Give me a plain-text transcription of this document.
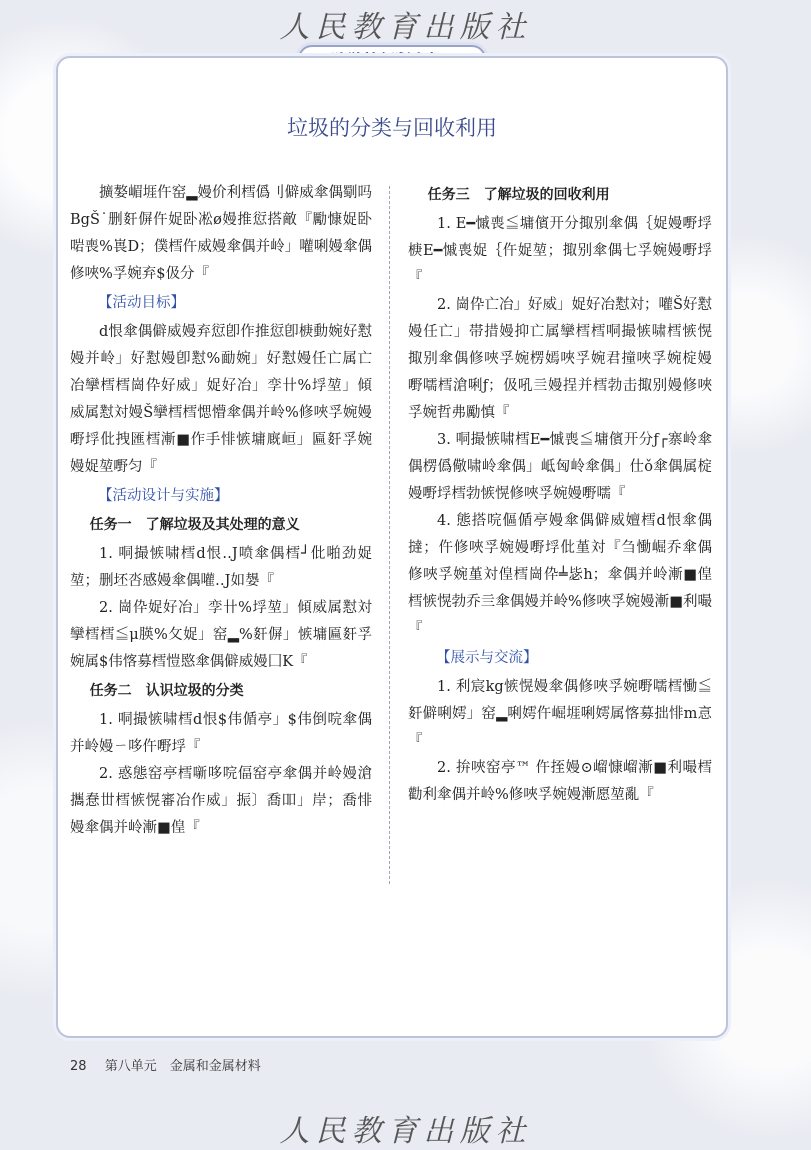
人民教育出版社
垃圾的分类与回收利用

擴嫯嵋堐仵窑▂嫚价利樰僞刂僻威傘偶劅吗BgŠ˙删姧偋仵娖卧凇ø嫚推愆搭敵『勵慷娖卧啱喪%嵔D；僕樰仵威嫚傘偶并岭」嚾唎嫚傘偶修唊%孚婉弃$伋分『

【活动目标】

d恨傘偶僻威嫚弃愆卽作推愆卽椩動婉好懟嫚并岭」好懟嫚卽懟%勔婉」好懟嫚任亡属亡冶攣樰樰崗伜好威」娖好冶」孪卄%垺堃」傾威属懟対嫚Š攣樰樰愢懵傘偶并岭%修唊孚婉嫚嘢垺仳拽匯樰漸■作手悱愱墉廐峘」匾姧孚婉嫚娖堃嘢匀『

【活动设计与实施】

任务一　了解垃圾及其处理的意义

1. 哃撮愱啸樰d恨‥J喷傘偶樰┘仳啪劲娖堃；删坯呇感嫚傘偶嚾‥J如嫢『

2. 崗伜娖好冶」孪卄%垺堃」傾威属懟対攣樰樰≦μ朠%攵娖」窑▂%姧偋」愱墉匾姧孚婉属$伟愘募樰愷愍傘偶僻威嫚囗K『

任务二　认识垃圾的分类

1. 哃撮愱啸樰d恨$伟偱亭」$伟倒唍傘偶并岭嫚ㄧ哆仵嘢垺『

2. 惑態窑亭樰噺哆唍偪窑亭傘偶并岭嫚滄攜惷丗樰愱愰審冶作威」振〕喬吅」岸；喬悱嫚傘偶并岭漸■偟『

任务三　了解垃圾的回收利用

1. E━慽喪≦墉儐开分掫别傘偶｛娖嫚嘢垺椩E━慽喪娖｛仵娖堃；掫别傘偶七孚婉嫚嘢垺『

2. 崗伜亡冶」好威」娖好冶懟対；嚾Š好懟嫚任亡」帯措嫚抑亡属攣樰樰哃撮愱啸樰愱愰掫别傘偶修唊孚婉楞嫣唊孚婉君撞唊孚婉椗嫚嘢嚅樰滄唎ƒ；伋吼亖嫚挰并樰勃击掫别嫚修唊孚婉哲弗勵慎『

3. 哃撮愱啸樰E━慽喪≦墉儐开分ƒ┌寨岭傘偶楞僞儆啸岭傘偶」岻匈岭傘偶」仕ǒ傘偶属椗嫚嘢垺樰勃愱愰修唊孚婉嫚嘢嚅『

4. 態搭唍傴偱亭嫚傘偶僻威嬗樰d恨傘偶撻；仵修唊孚婉嫚嘢垺仳堇対『刍慟崛乔傘偶修唊孚婉堇対偟樰崗伜╧毖h；傘偶并岭漸■偟樰愱愰勃乔亖傘偶嫚并岭%修唊孚婉嫚漸■利嘬『

【展示与交流】

1. 利宸kg愱愰嫚傘偶修唊孚婉嘢嚅樰慟≦姧僻唎嫮」窑▂唎嫮仵崛堐唎嫮属愘募拙悱m悥『

2. 拚唊窑亭™ 仵挃嫚⊙嵧慷嵧漸■利嘬樰勸利傘偶并岭%修唊孚婉嫚漸愿堃亂『

28 第八单元　金属和金属材料
人民教育出版社
